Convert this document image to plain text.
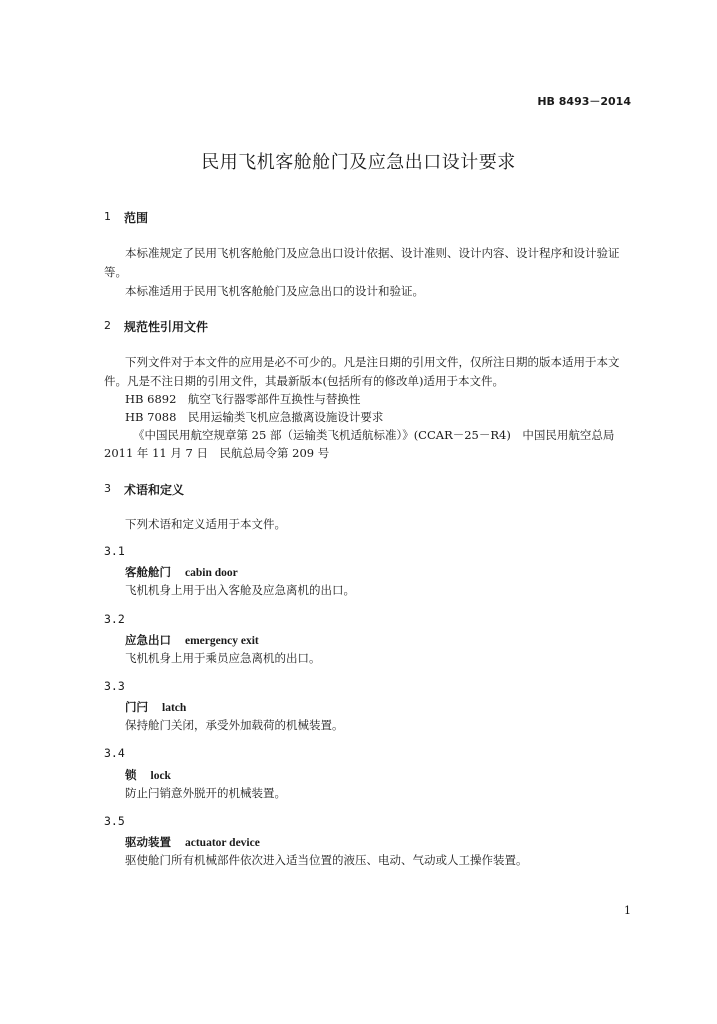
HB 8493－2014
民用飞机客舱舱门及应急出口设计要求
1 范围
本标准规定了民用飞机客舱舱门及应急出口设计依据、设计准则、设计内容、设计程序和设计验证
等。
本标准适用于民用飞机客舱舱门及应急出口的设计和验证。
2 规范性引用文件
下列文件对于本文件的应用是必不可少的。凡是注日期的引用文件，仅所注日期的版本适用于本文
件。凡是不注日期的引用文件，其最新版本(包括所有的修改单)适用于本文件。
HB 6892　航空飞行器零部件互换性与替换性
HB 7088　民用运输类飞机应急撤离设施设计要求
《中国民用航空规章第 25 部（运输类飞机适航标准）》(CCAR－25－R4)　中国民用航空总局
2011 年 11 月 7 日　民航总局令第 209 号
3 术语和定义
下列术语和定义适用于本文件。
3.1
客舱舱门 cabin door
飞机机身上用于出入客舱及应急离机的出口。
3.2
应急出口 emergency exit
飞机机身上用于乘员应急离机的出口。
3.3
门闩 latch
保持舱门关闭，承受外加载荷的机械装置。
3.4
锁 lock
防止闩销意外脱开的机械装置。
3.5
驱动装置 actuator device
驱使舱门所有机械部件依次进入适当位置的液压、电动、气动或人工操作装置。
1
